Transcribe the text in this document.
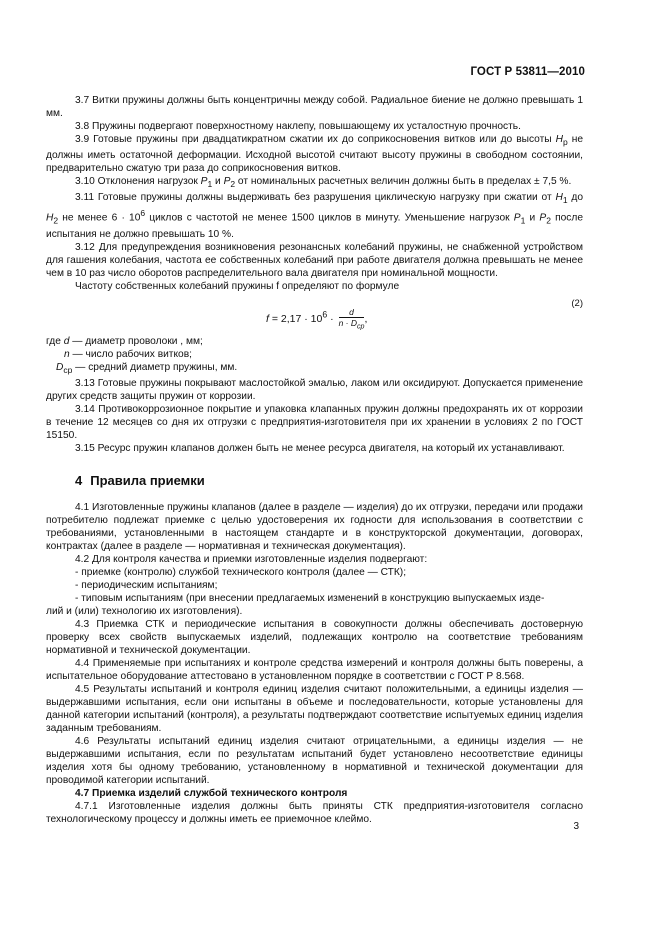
ГОСТ Р 53811—2010

3.7 Витки пружины должны быть концентричны между собой. Радиальное биение не должно превышать 1 мм.

3.8 Пружины подвергают поверхностному наклепу, повышающему их усталостную прочность.

3.9 Готовые пружины при двадцатикратном сжатии их до соприкосновения витков или до высоты $H_p$ не должны иметь остаточной деформации. Исходной высотой считают высоту пружины в свободном состоянии, предварительно сжатую три раза до соприкосновения витков.

3.10 Отклонения нагрузок $P_1$ и $P_2$ от номинальных расчетных величин должны быть в пределах ± 7,5 %.

3.11 Готовые пружины должны выдерживать без разрушения циклическую нагрузку при сжатии от $H_1$ до $H_2$ не менее $6 \cdot 10^6$ циклов с частотой не менее 1500 циклов в минуту. Уменьшение нагрузок $P_1$ и $P_2$ после испытания не должно превышать 10 %.

3.12 Для предупреждения возникновения резонансных колебаний пружины, не снабженной устройством для гашения колебания, частота ее собственных колебаний при работе двигателя должна превышать не менее чем в 10 раз число оборотов распределительного вала двигателя при номинальной мощности.

Частоту собственных колебаний пружины f определяют по формуле

$f = 2,17 \cdot 10^6 \cdot \frac{d}{n \cdot D_{ср}}$ ,
(2)

где d — диаметр проволоки , мм;

n — число рабочих витков;

$D_{ср}$ — средний диаметр пружины, мм.

3.13 Готовые пружины покрывают маслостойкой эмалью, лаком или оксидируют. Допускается применение других средств защиты пружин от коррозии.

3.14 Противокоррозионное покрытие и упаковка клапанных пружин должны предохранять их от коррозии в течение 12 месяцев со дня их отгрузки с предприятия-изготовителя при их хранении в условиях 2 по ГОСТ 15150.

3.15 Ресурс пружин клапанов должен быть не менее ресурса двигателя, на который их устанавливают.

4 Правила приемки

4.1 Изготовленные пружины клапанов (далее в разделе — изделия) до их отгрузки, передачи или продажи потребителю подлежат приемке с целью удостоверения их годности для использования в соответствии с требованиями, установленными в настоящем стандарте и в конструкторской документации, договорах, контрактах (далее в разделе — нормативная и техническая документация).

4.2 Для контроля качества и приемки изготовленные изделия подвергают:

- приемке (контролю) службой технического контроля (далее — СТК);

- периодическим испытаниям;

- типовым испытаниям (при внесении предлагаемых изменений в конструкцию выпускаемых изде-

лий и (или) технологию их изготовления).

4.3 Приемка СТК и периодические испытания в совокупности должны обеспечивать достоверную проверку всех свойств выпускаемых изделий, подлежащих контролю на соответствие требованиям нормативной и технической документации.

4.4 Применяемые при испытаниях и контроле средства измерений и контроля должны быть поверены, а испытательное оборудование аттестовано в установленном порядке в соответствии с ГОСТ Р 8.568.

4.5 Результаты испытаний и контроля единиц изделия считают положительными, а единицы изделия — выдержавшими испытания, если они испытаны в объеме и последовательности, которые установлены для данной категории испытаний (контроля), а результаты подтверждают соответствие испытуемых единиц изделия заданным требованиям.

4.6 Результаты испытаний единиц изделия считают отрицательными, а единицы изделия — не выдержавшими испытания, если по результатам испытаний будет установлено несоответствие единицы изделия хотя бы одному требованию, установленному в нормативной и технической документации для проводимой категории испытаний.

4.7 Приемка изделий службой технического контроля

4.7.1 Изготовленные изделия должны быть приняты СТК предприятия-изготовителя согласно технологическому процессу и должны иметь ее приемочное клеймо.

3
